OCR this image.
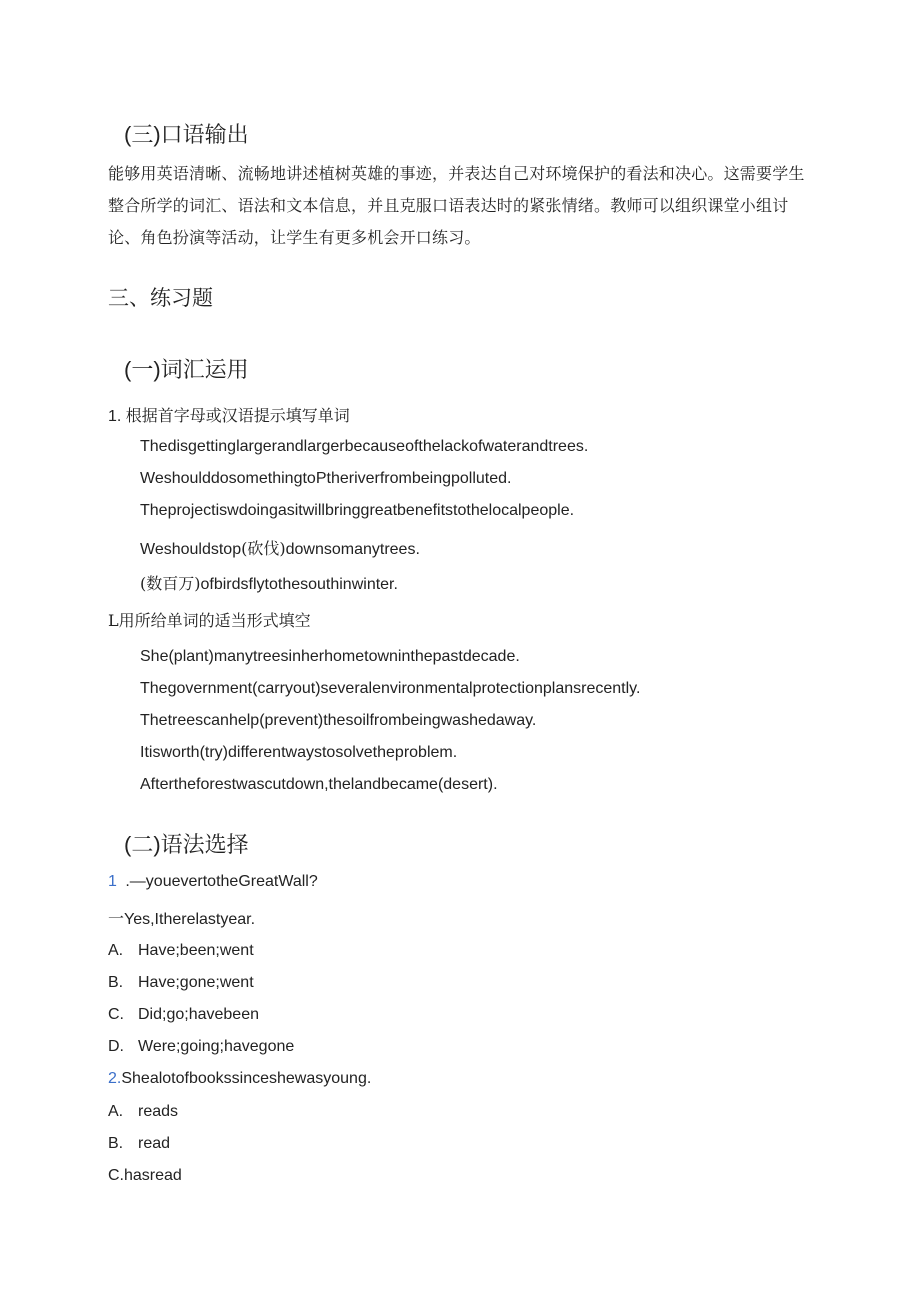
(三)口语输出
能够用英语清晰、流畅地讲述植树英雄的事迹，并表达自己对环境保护的看法和决心。这需要学生整合所学的词汇、语法和文本信息，并且克服口语表达时的紧张情绪。教师可以组织课堂小组讨论、角色扮演等活动，让学生有更多机会开口练习。
三、练习题
(一)词汇运用
1. 根据首字母或汉语提示填写单词
Thedisgettinglargerandlargerbecauseofthelackofwaterandtrees.
WeshoulddosomethingtoPtheriverfrombeingpolluted.
Theprojectiswdoingasitwillbringgreatbenefitstothelocalpeople.
Weshouldstop(砍伐)downsomanytrees.
(数百万)ofbirdsflytothesouthinwinter.
L用所给单词的适当形式填空
She(plant)manytreesinherhometowninthepastdecade.
Thegovernment(carryout)severalenvironmentalprotectionplansrecently.
Thetreescanhelp(prevent)thesoilfrombeingwashedaway.
Itisworth(try)differentwaystosolvetheproblem.
Aftertheforestwascutdown,thelandbecame(desert).
(二)语法选择
1 .—youevertotheGreatWall?
一Yes,Itherelastyear.
A. Have;been;went
B. Have;gone;went
C. Did;go;havebeen
D. Were;going;havegone
2.Shealotofbookssinceshewasyoung.
A. reads
B. read
C.hasread
